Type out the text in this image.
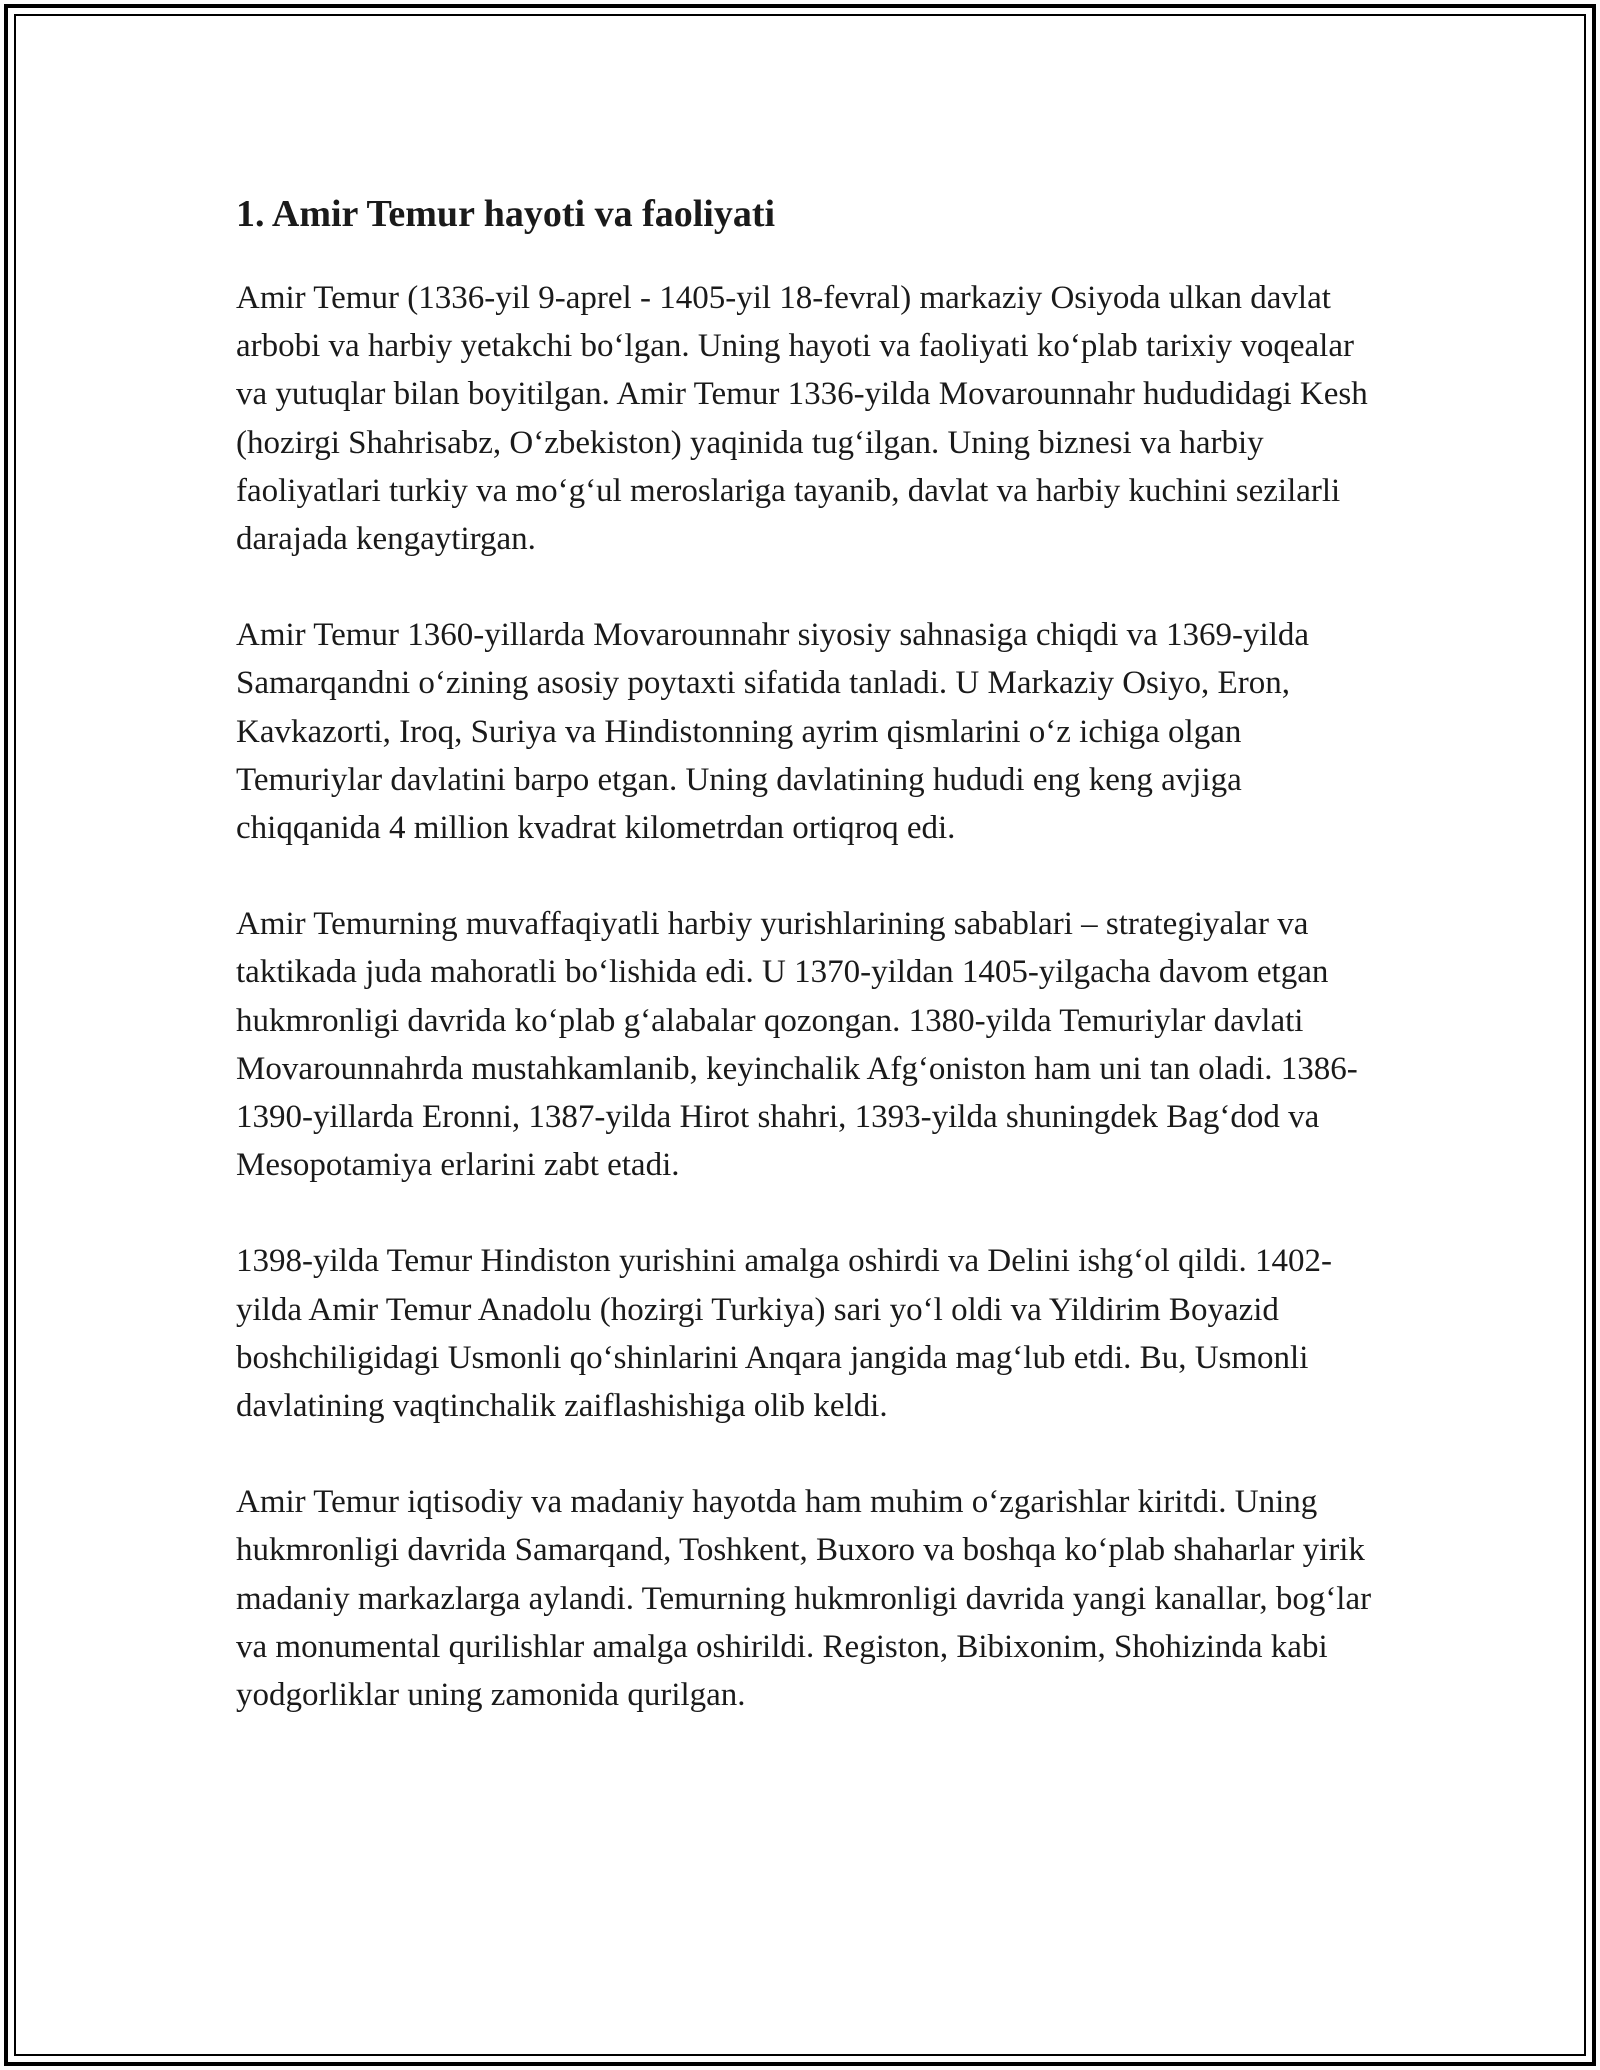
1. Amir Temur hayoti va faoliyati

Amir Temur (1336-yil 9-aprel - 1405-yil 18-fevral) markaziy Osiyoda ulkan davlat arbobi va harbiy yetakchi bo‘lgan. Uning hayoti va faoliyati ko‘plab tarixiy voqealar va yutuqlar bilan boyitilgan. Amir Temur 1336-yilda Movarounnahr hududidagi Kesh (hozirgi Shahrisabz, O‘zbekiston) yaqinida tug‘ilgan. Uning biznesi va harbiy faoliyatlari turkiy va mo‘g‘ul meroslariga tayanib, davlat va harbiy kuchini sezilarli darajada kengaytirgan.

Amir Temur 1360-yillarda Movarounnahr siyosiy sahnasiga chiqdi va 1369-yilda Samarqandni o‘zining asosiy poytaxti sifatida tanladi. U Markaziy Osiyo, Eron, Kavkazorti, Iroq, Suriya va Hindistonning ayrim qismlarini o‘z ichiga olgan Temuriylar davlatini barpo etgan. Uning davlatining hududi eng keng avjiga chiqqanida 4 million kvadrat kilometrdan ortiqroq edi.

Amir Temurning muvaffaqiyatli harbiy yurishlarining sabablari – strategiyalar va taktikada juda mahoratli bo‘lishida edi. U 1370-yildan 1405-yilgacha davom etgan hukmronligi davrida ko‘plab g‘alabalar qozongan. 1380-yilda Temuriylar davlati Movarounnahrda mustahkamlanib, keyinchalik Afg‘oniston ham uni tan oladi. 1386-1390-yillarda Eronni, 1387-yilda Hirot shahri, 1393-yilda shuningdek Bag‘dod va Mesopotamiya erlarini zabt etadi.

1398-yilda Temur Hindiston yurishini amalga oshirdi va Delini ishg‘ol qildi. 1402-yilda Amir Temur Anadolu (hozirgi Turkiya) sari yo‘l oldi va Yildirim Boyazid boshchiligidagi Usmonli qo‘shinlarini Anqara jangida mag‘lub etdi. Bu, Usmonli davlatining vaqtinchalik zaiflashishiga olib keldi.

Amir Temur iqtisodiy va madaniy hayotda ham muhim o‘zgarishlar kiritdi. Uning hukmronligi davrida Samarqand, Toshkent, Buxoro va boshqa ko‘plab shaharlar yirik madaniy markazlarga aylandi. Temurning hukmronligi davrida yangi kanallar, bog‘lar va monumental qurilishlar amalga oshirildi. Registon, Bibixonim, Shohizinda kabi yodgorliklar uning zamonida qurilgan.
